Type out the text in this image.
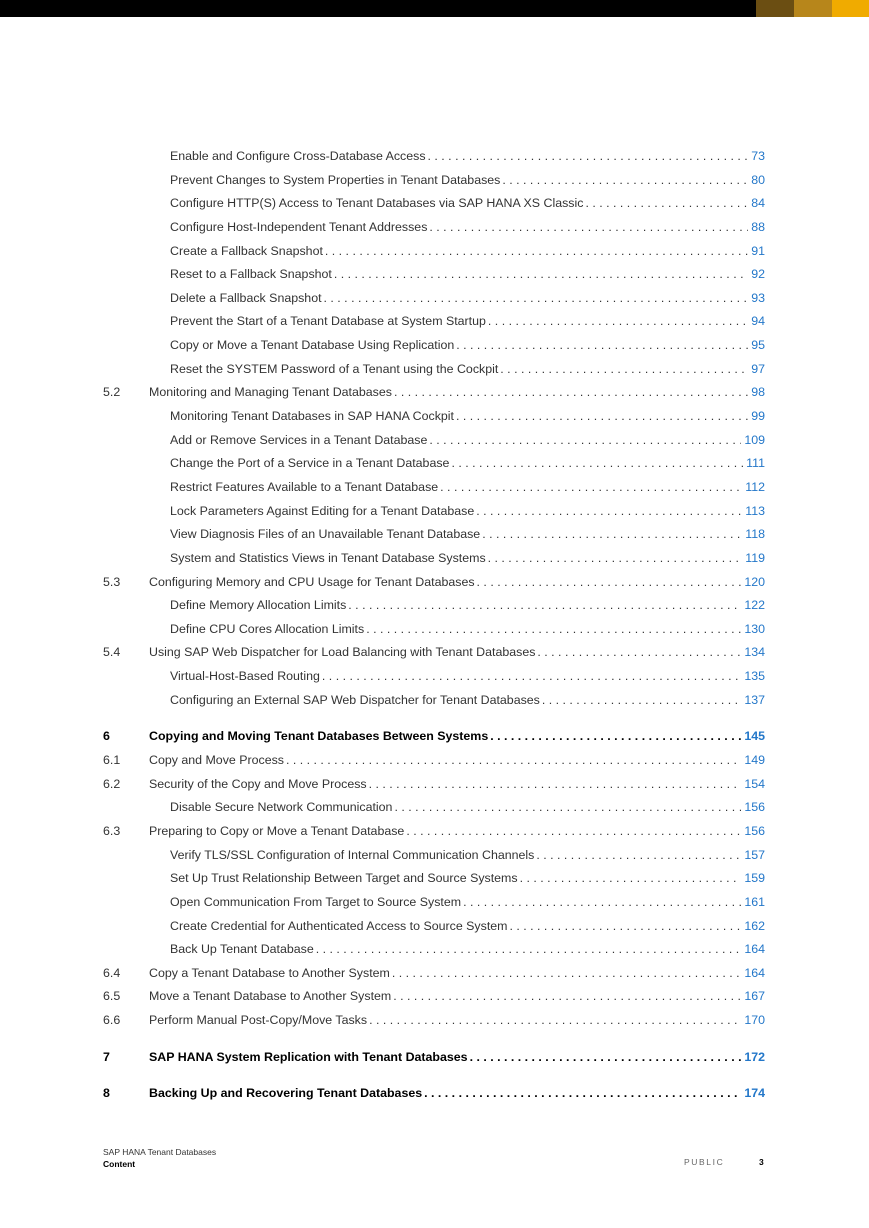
Enable and Configure Cross-Database Access . . .	73
Prevent Changes to System Properties in Tenant Databases . . .	80
Configure HTTP(S) Access to Tenant Databases via SAP HANA XS Classic . . .	84
Configure Host-Independent Tenant Addresses . . .	88
Create a Fallback Snapshot . . .	91
Reset to a Fallback Snapshot . . .	92
Delete a Fallback Snapshot . . .	93
Prevent the Start of a Tenant Database at System Startup . . .	94
Copy or Move a Tenant Database Using Replication . . .	95
Reset the SYSTEM Password of a Tenant using the Cockpit . . .	97
5.2 Monitoring and Managing Tenant Databases . . .	98
Monitoring Tenant Databases in SAP HANA Cockpit . . .	99
Add or Remove Services in a Tenant Database . . .	109
Change the Port of a Service in a Tenant Database . . .	111
Restrict Features Available to a Tenant Database . . .	112
Lock Parameters Against Editing for a Tenant Database . . .	113
View Diagnosis Files of an Unavailable Tenant Database . . .	118
System and Statistics Views in Tenant Database Systems . . .	119
5.3 Configuring Memory and CPU Usage for Tenant Databases . . .	120
Define Memory Allocation Limits . . .	122
Define CPU Cores Allocation Limits . . .	130
5.4 Using SAP Web Dispatcher for Load Balancing with Tenant Databases . . .	134
Virtual-Host-Based Routing . . .	135
Configuring an External SAP Web Dispatcher for Tenant Databases . . .	137
6	Copying and Moving Tenant Databases Between Systems . . .	145
6.1 Copy and Move Process . . .	149
6.2 Security of the Copy and Move Process . . .	154
Disable Secure Network Communication . . .	156
6.3 Preparing to Copy or Move a Tenant Database . . .	156
Verify TLS/SSL Configuration of Internal Communication Channels . . .	157
Set Up Trust Relationship Between Target and Source Systems . . .	159
Open Communication From Target to Source System . . .	161
Create Credential for Authenticated Access to Source System . . .	162
Back Up Tenant Database . . .	164
6.4 Copy a Tenant Database to Another System . . .	164
6.5 Move a Tenant Database to Another System . . .	167
6.6 Perform Manual Post-Copy/Move Tasks . . .	170
7	SAP HANA System Replication with Tenant Databases . . .	172
8	Backing Up and Recovering Tenant Databases . . .	174
SAP HANA Tenant Databases
Content	PUBLIC	3
